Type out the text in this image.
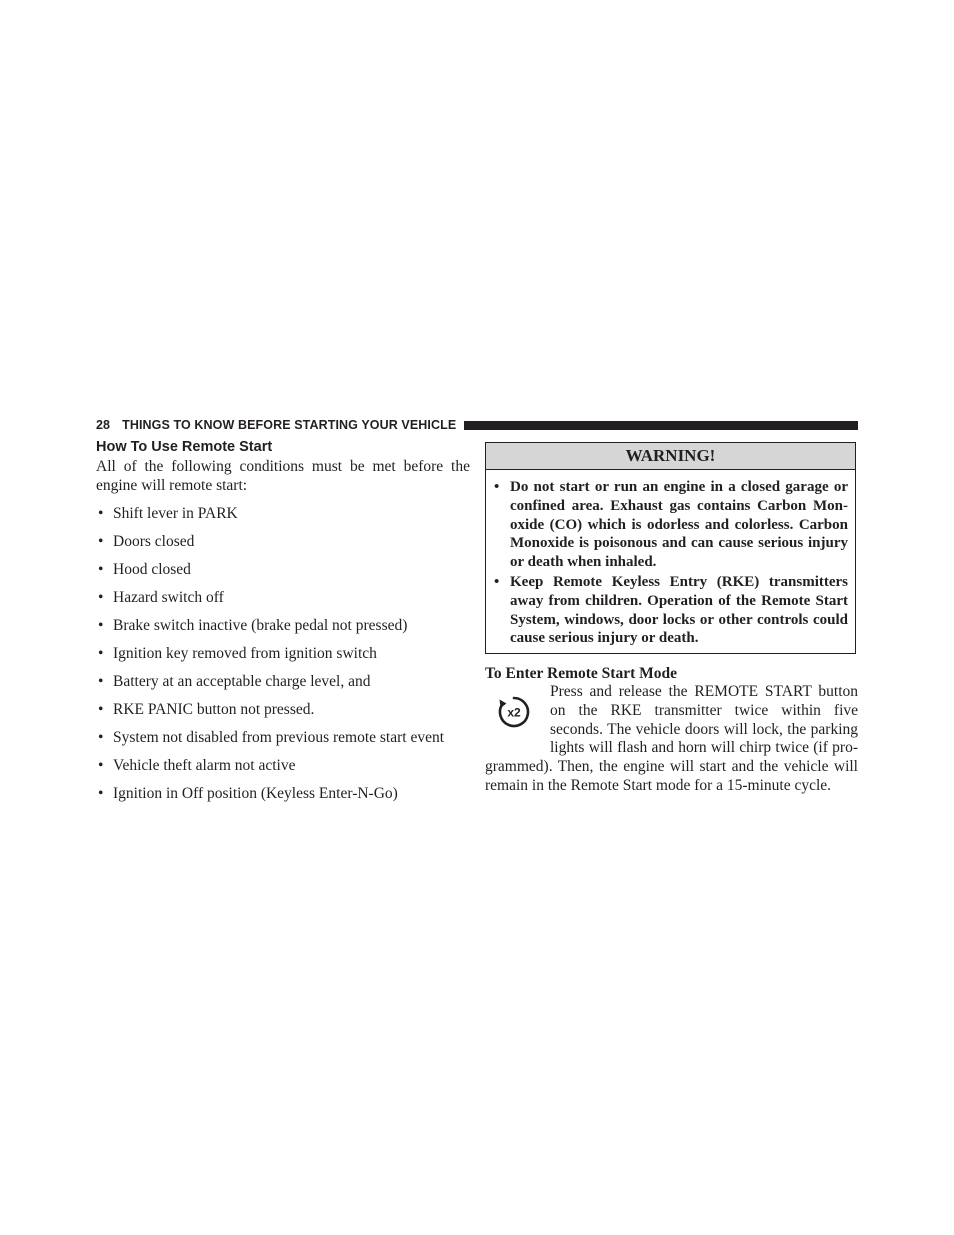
28 THINGS TO KNOW BEFORE STARTING YOUR VEHICLE
How To Use Remote Start

All of the following conditions must be met before the engine will remote start:

• Shift lever in PARK
• Doors closed
• Hood closed
• Hazard switch off
• Brake switch inactive (brake pedal not pressed)
• Ignition key removed from ignition switch
• Battery at an acceptable charge level, and
• RKE PANIC button not pressed.
• System not disabled from previous remote start event
• Vehicle theft alarm not active
• Ignition in Off position (Keyless Enter-N-Go)
WARNING!
• Do not start or run an engine in a closed garage or confined area. Exhaust gas contains Carbon Monoxide (CO) which is odorless and colorless. Carbon Monoxide is poisonous and can cause serious injury or death when inhaled.
• Keep Remote Keyless Entry (RKE) transmitters away from children. Operation of the Remote Start System, windows, door locks or other controls could cause serious injury or death.
To Enter Remote Start Mode

x2
Press and release the REMOTE START button on the RKE transmitter twice within five seconds. The vehicle doors will lock, the parking lights will flash and horn will chirp twice (if programmed). Then, the engine will start and the vehicle will remain in the Remote Start mode for a 15-minute cycle.
